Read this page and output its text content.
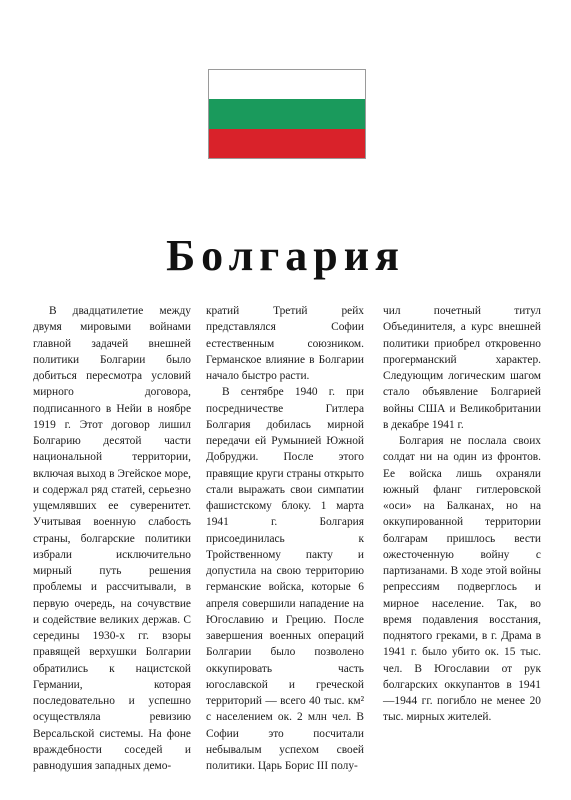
Болгария

В двадцатилетие между двумя мировыми войнами главной задачей внешней политики Болгарии было добиться пересмотра условий мирного договора, подписанного в Нейи в ноябре 1919 г. Этот договор лишил Болгарию десятой части национальной территории, включая выход в Эгейское море, и содержал ряд статей, серьезно ущемлявших ее суверенитет. Учитывая военную слабость страны, болгарские политики избрали исключительно мирный путь решения проблемы и рассчитывали, в первую очередь, на сочувствие и содействие великих держав. С середины 1930-х гг. взоры правящей верхушки Болгарии обратились к нацистской Германии, которая последовательно и успешно осуществляла ревизию Версальской системы. На фоне враждебности соседей и равнодушия западных демо-

кратий Третий рейх представлялся Софии естественным союзником. Германское влияние в Болгарии начало быстро расти.

В сентябре 1940 г. при посредничестве Гитлера Болгария добилась мирной передачи ей Румынией Южной Добруджи. После этого правящие круги страны открыто стали выражать свои симпатии фашистскому блоку. 1 марта 1941 г. Болгария присоединилась к Тройственному пакту и допустила на свою территорию германские войска, которые 6 апреля совершили нападение на Югославию и Грецию. После завершения военных операций Болгарии было позволено оккупировать часть югославской и греческой территорий — всего 40 тыс. км² с населением ок. 2 млн чел. В Софии это посчитали небывалым успехом своей политики. Царь Борис III полу-

чил почетный титул Объединителя, а курс внешней политики приобрел откровенно прогерманский характер. Следующим логическим шагом стало объявление Болгарией войны США и Великобритании в декабре 1941 г.

Болгария не послала своих солдат ни на один из фронтов. Ее войска лишь охраняли южный фланг гитлеровской «оси» на Балканах, но на оккупированной территории болгарам пришлось вести ожесточенную войну с партизанами. В ходе этой войны репрессиям подверглось и мирное население. Так, во время подавления восстания, поднятого греками, в г. Драма в 1941 г. было убито ок. 15 тыс. чел. В Югославии от рук болгарских оккупантов в 1941—1944 гг. погибло не менее 20 тыс. мирных жителей.
